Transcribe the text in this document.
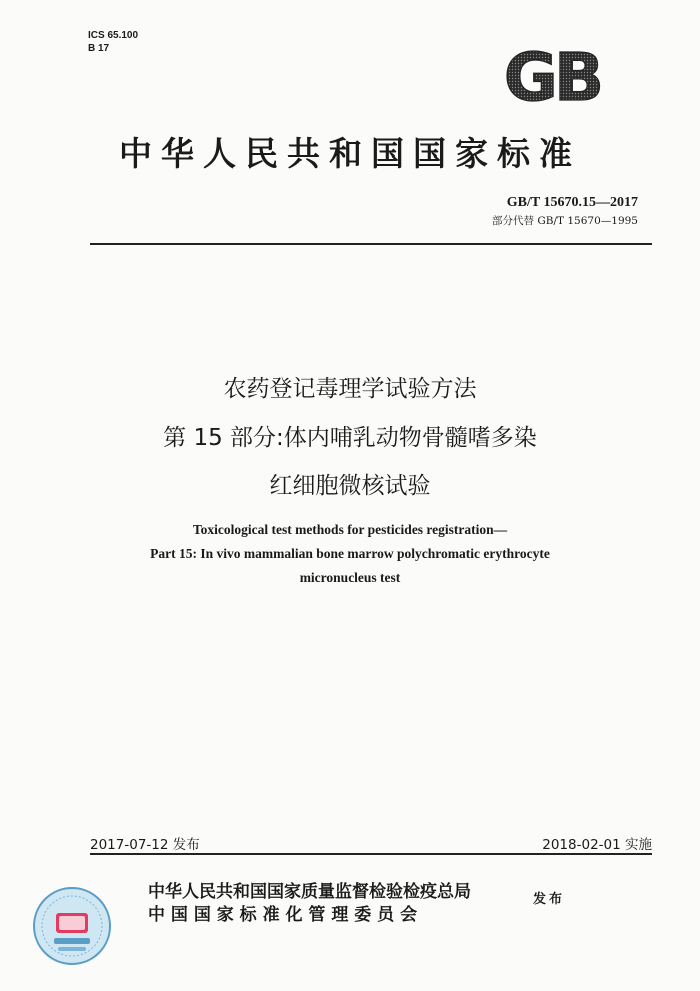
ICS 65.100
B 17	GB
中华人民共和国国家标准
GB/T 15670.15—2017
部分代替 GB/T 15670—1995
农药登记毒理学试验方法
第 15 部分:体内哺乳动物骨髓嗜多染
红细胞微核试验
Toxicological test methods for pesticides registration—
Part 15: In vivo mammalian bone marrow polychromatic erythrocyte
micronucleus test
2017-07-12 发布	2018-02-01 实施
中华人民共和国国家质量监督检验检疫总局
中 国 国 家 标 准 化 管 理 委 员 会
发布
